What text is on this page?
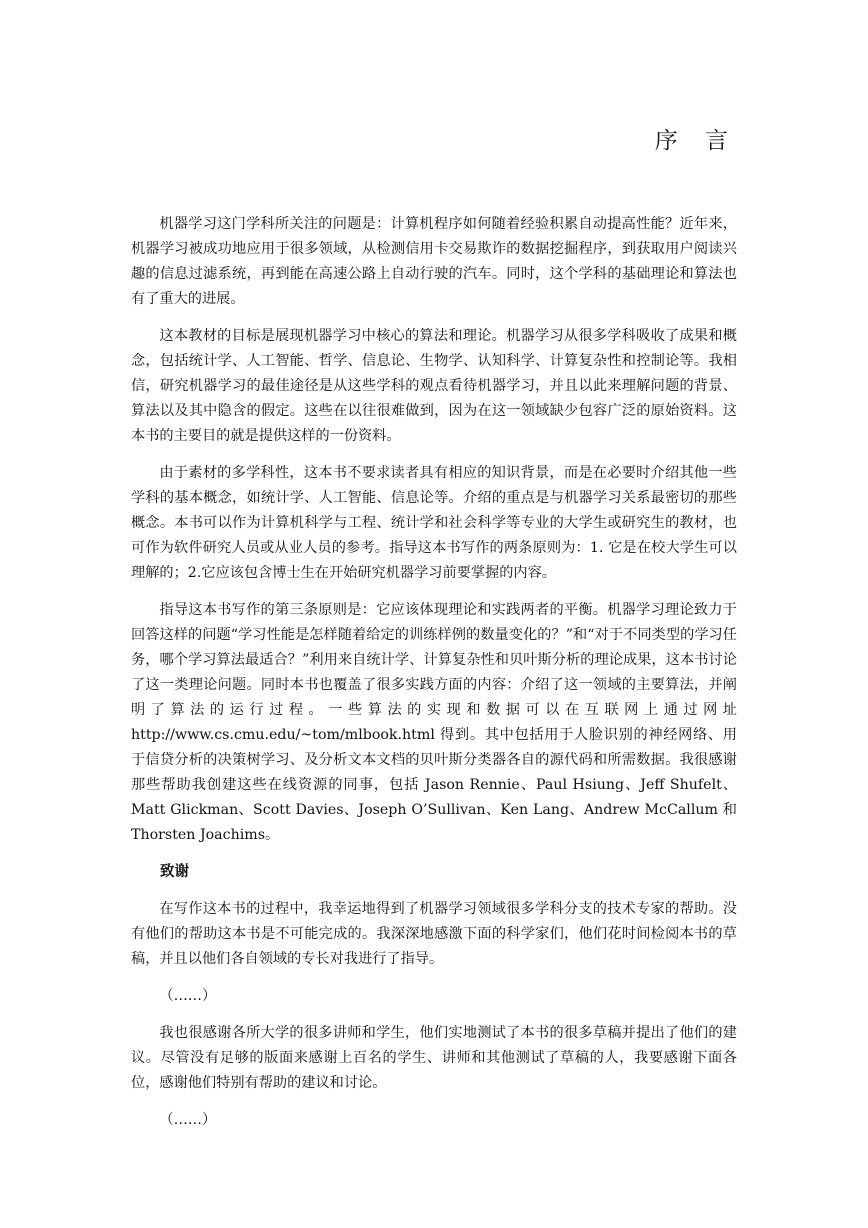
序 言

机器学习这门学科所关注的问题是：计算机程序如何随着经验积累自动提高性能？近年来，机器学习被成功地应用于很多领域，从检测信用卡交易欺诈的数据挖掘程序，到获取用户阅读兴趣的信息过滤系统，再到能在高速公路上自动行驶的汽车。同时，这个学科的基础理论和算法也有了重大的进展。

这本教材的目标是展现机器学习中核心的算法和理论。机器学习从很多学科吸收了成果和概念，包括统计学、人工智能、哲学、信息论、生物学、认知科学、计算复杂性和控制论等。我相信，研究机器学习的最佳途径是从这些学科的观点看待机器学习，并且以此来理解问题的背景、算法以及其中隐含的假定。这些在以往很难做到，因为在这一领域缺少包容广泛的原始资料。这本书的主要目的就是提供这样的一份资料。

由于素材的多学科性，这本书不要求读者具有相应的知识背景，而是在必要时介绍其他一些学科的基本概念，如统计学、人工智能、信息论等。介绍的重点是与机器学习关系最密切的那些概念。本书可以作为计算机科学与工程、统计学和社会科学等专业的大学生或研究生的教材，也可作为软件研究人员或从业人员的参考。指导这本书写作的两条原则为：1. 它是在校大学生可以理解的；2.它应该包含博士生在开始研究机器学习前要掌握的内容。

指导这本书写作的第三条原则是：它应该体现理论和实践两者的平衡。机器学习理论致力于回答这样的问题“学习性能是怎样随着给定的训练样例的数量变化的？”和“对于不同类型的学习任务，哪个学习算法最适合？”利用来自统计学、计算复杂性和贝叶斯分析的理论成果，这本书讨论了这一类理论问题。同时本书也覆盖了很多实践方面的内容：介绍了这一领域的主要算法，并阐明了算法的运行过程。一些算法的实现和数据可以在互联网上通过网址 http://www.cs.cmu.edu/~tom/mlbook.html 得到。其中包括用于人脸识别的神经网络、用于信贷分析的决策树学习、及分析文本文档的贝叶斯分类器各自的源代码和所需数据。我很感谢那些帮助我创建这些在线资源的同事，包括 Jason Rennie、Paul Hsiung、Jeff Shufelt、Matt Glickman、Scott Davies、Joseph O’Sullivan、Ken Lang、Andrew McCallum 和 Thorsten Joachims。

致谢

在写作这本书的过程中，我幸运地得到了机器学习领域很多学科分支的技术专家的帮助。没有他们的帮助这本书是不可能完成的。我深深地感激下面的科学家们，他们花时间检阅本书的草稿，并且以他们各自领域的专长对我进行了指导。

（……）

我也很感谢各所大学的很多讲师和学生，他们实地测试了本书的很多草稿并提出了他们的建议。尽管没有足够的版面来感谢上百名的学生、讲师和其他测试了草稿的人，我要感谢下面各位，感谢他们特别有帮助的建议和讨论。

（……）
